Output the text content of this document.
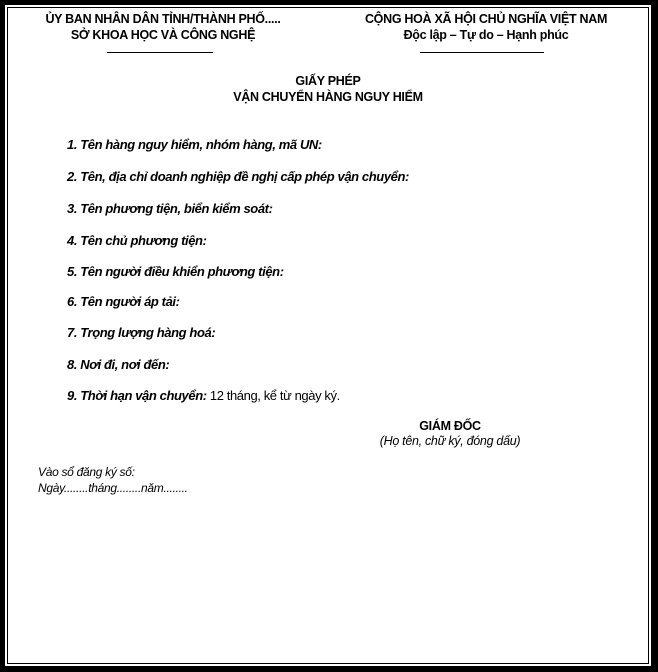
ỦY BAN NHÂN DÂN TỈNH/THÀNH PHỐ.....
SỞ KHOA HỌC VÀ CÔNG NGHỆ
CỘNG HOÀ XÃ HỘI CHỦ NGHĨA VIỆT NAM
Độc lập – Tự do – Hạnh phúc
GIẤY PHÉP
VẬN CHUYỂN HÀNG NGUY HIỂM
1. Tên hàng nguy hiểm, nhóm hàng, mã UN:
2. Tên, địa chỉ doanh nghiệp đề nghị cấp phép vận chuyển:
3. Tên phương tiện, biển kiểm soát:
4. Tên chủ phương tiện:
5. Tên người điều khiển phương tiện:
6. Tên người áp tải:
7. Trọng lượng hàng hoá:
8. Nơi đi, nơi đến:
9. Thời hạn vận chuyển: 12 tháng, kể từ ngày ký.
GIÁM ĐỐC
(Họ tên, chữ ký, đóng dấu)
Vào sổ đăng ký số:
Ngày........tháng........năm........
